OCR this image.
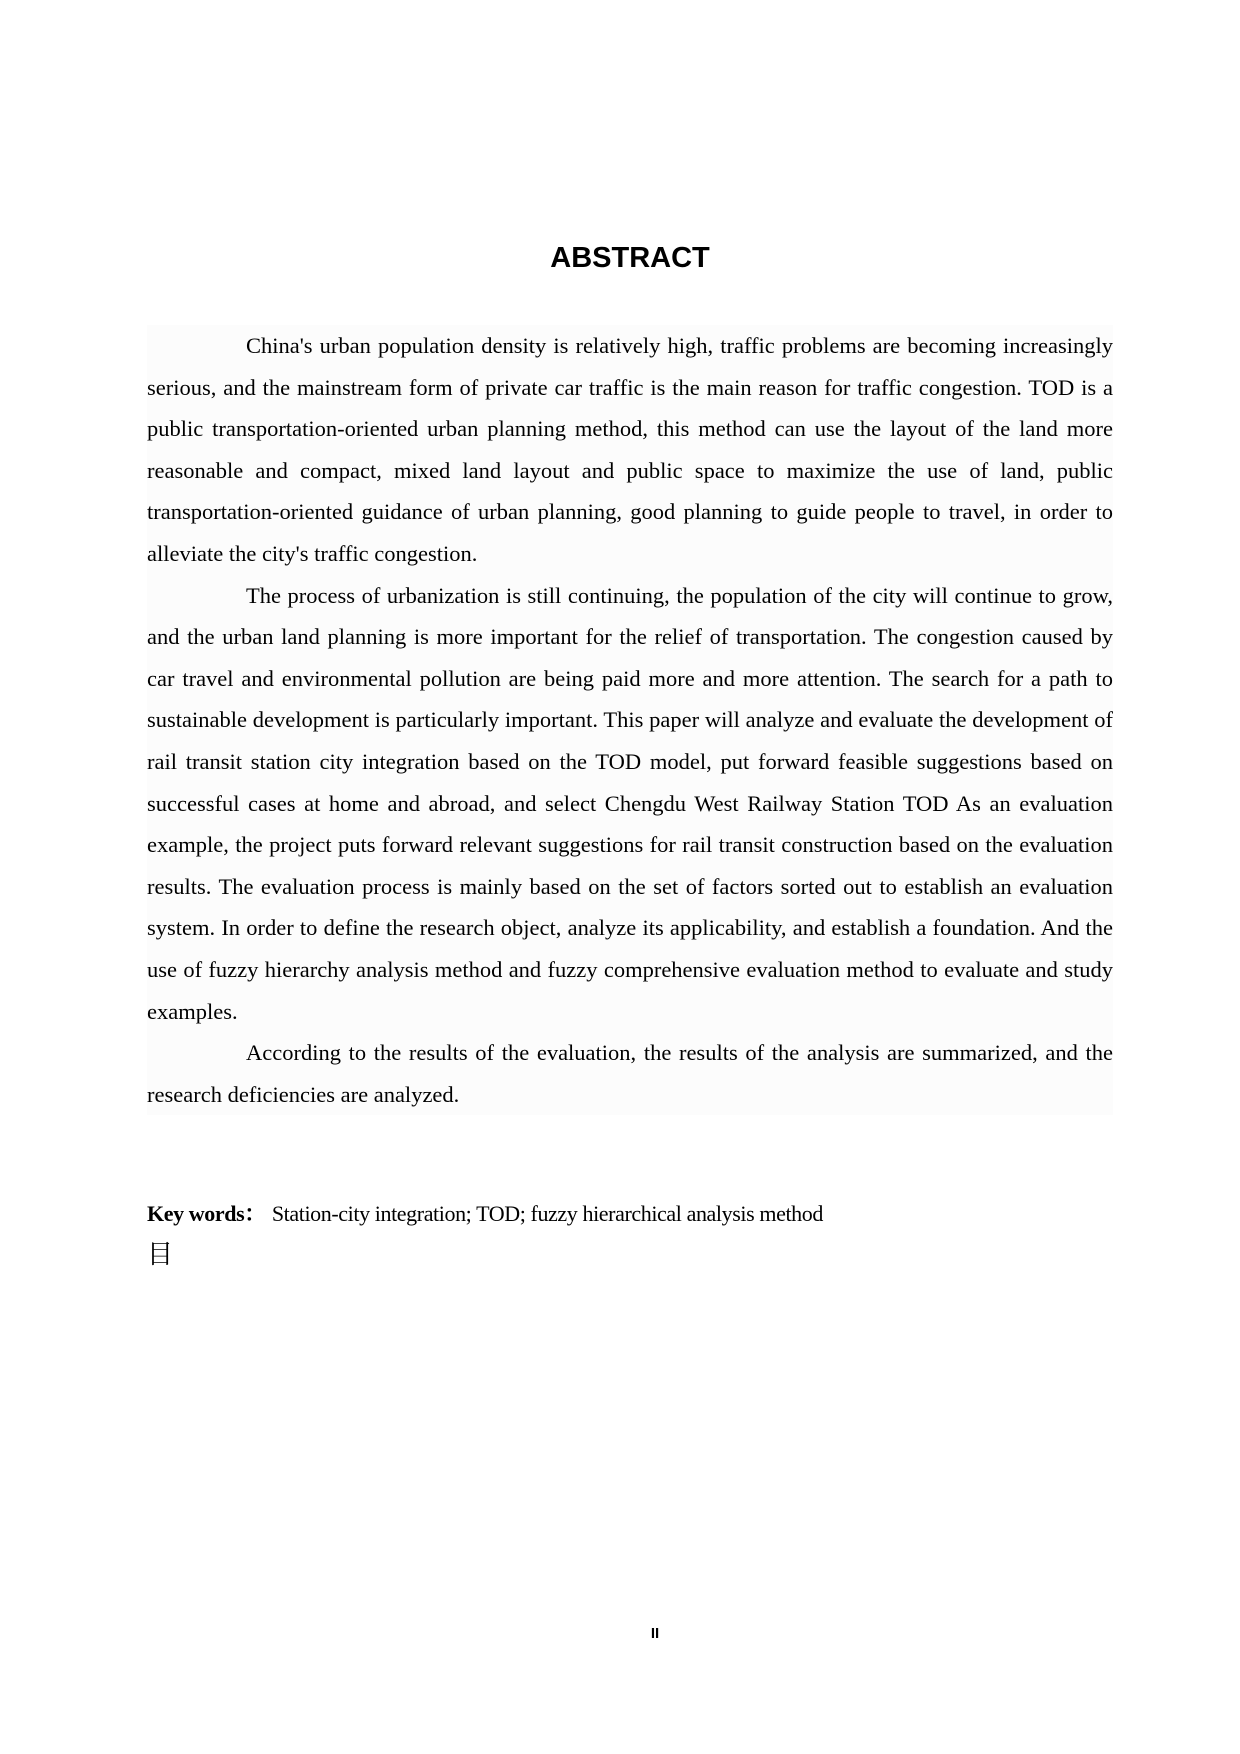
ABSTRACT

China's urban population density is relatively high, traffic problems are becoming increasingly serious, and the mainstream form of private car traffic is the main reason for traffic congestion. TOD is a public transportation-oriented urban planning method, this method can use the layout of the land more reasonable and compact, mixed land layout and public space to maximize the use of land, public transportation-oriented guidance of urban planning, good planning to guide people to travel, in order to alleviate the city's traffic congestion.

The process of urbanization is still continuing, the population of the city will continue to grow, and the urban land planning is more important for the relief of transportation. The congestion caused by car travel and environmental pollution are being paid more and more attention. The search for a path to sustainable development is particularly important. This paper will analyze and evaluate the development of rail transit station city integration based on the TOD model, put forward feasible suggestions based on successful cases at home and abroad, and select Chengdu West Railway Station TOD As an evaluation example, the project puts forward relevant suggestions for rail transit construction based on the evaluation results. The evaluation process is mainly based on the set of factors sorted out to establish an evaluation system. In order to define the research object, analyze its applicability, and establish a foundation. And the use of fuzzy hierarchy analysis method and fuzzy comprehensive evaluation method to evaluate and study examples.

According to the results of the evaluation, the results of the analysis are summarized, and the research deficiencies are analyzed.

Key words： Station-city integration; TOD; fuzzy hierarchical analysis method
目
II
